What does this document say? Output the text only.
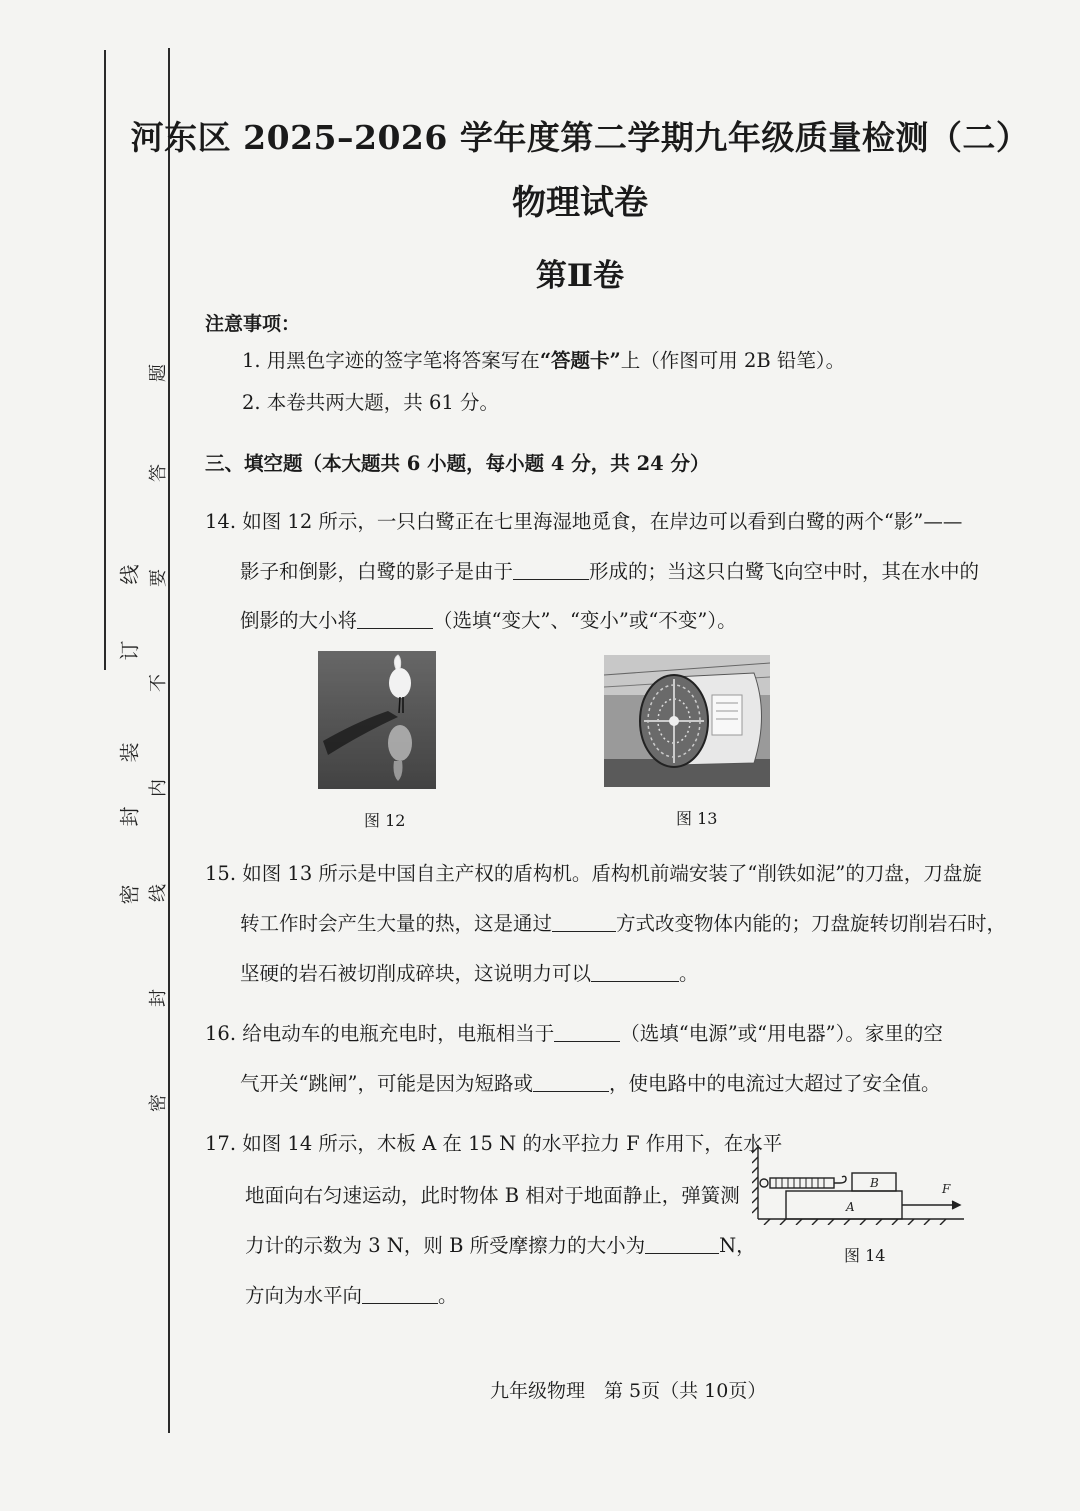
线
订
装
封
密
题
答
要
不
内
线
封
密
河东区 2025–2026 学年度第二学期九年级质量检测（二）
物理试卷
第Ⅱ卷
注意事项：
1. 用黑色字迹的签字笔将答案写在“答题卡”上（作图可用 2B 铅笔）。
2. 本卷共两大题，共 61 分。
三、填空题（本大题共 6 小题，每小题 4 分，共 24 分）
14. 如图 12 所示，一只白鹭正在七里海湿地觅食，在岸边可以看到白鹭的两个“影”——
影子和倒影，白鹭的影子是由于	形成的；当这只白鹭飞向空中时，其在水中的
倒影的大小将	（选填“变大”、“变小”或“不变”）。
图 12	图 13
15. 如图 13 所示是中国自主产权的盾构机。盾构机前端安装了“削铁如泥”的刀盘，刀盘旋
转工作时会产生大量的热，这是通过	方式改变物体内能的；刀盘旋转切削岩石时，
坚硬的岩石被切削成碎块，这说明力可以	。
16. 给电动车的电瓶充电时，电瓶相当于	（选填“电源”或“用电器”）。家里的空
气开关“跳闸”，可能是因为短路或	，使电路中的电流过大超过了安全值。
17. 如图 14 所示，木板 A 在 15 N 的水平拉力 F 作用下，在水平
地面向右匀速运动，此时物体 B 相对于地面静止，弹簧测
力计的示数为 3 N，则 B 所受摩擦力的大小为	N，
方向为水平向	。
B
A
F
图 14
九年级物理　第 5页（共 10页）
